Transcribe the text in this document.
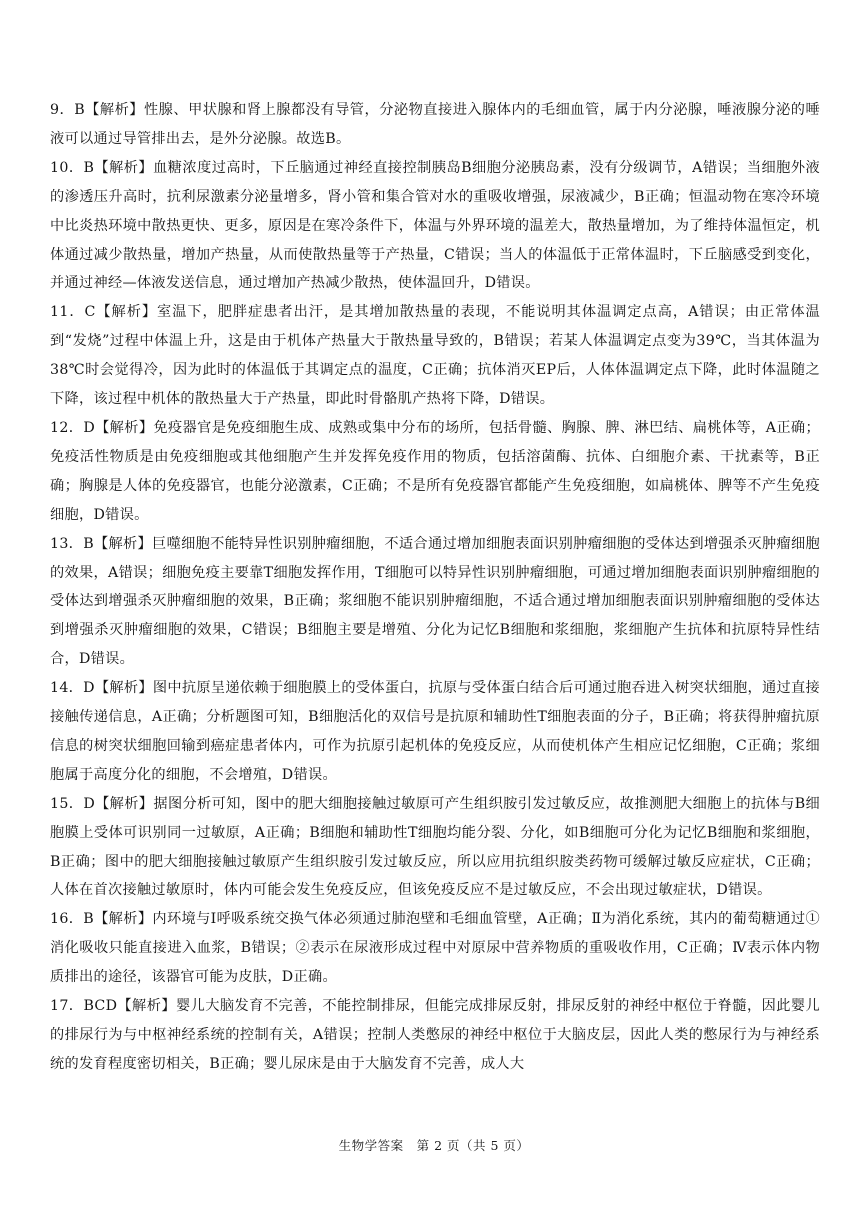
9．B【解析】性腺、甲状腺和肾上腺都没有导管，分泌物直接进入腺体内的毛细血管，属于内分泌腺，唾液腺分泌的唾液可以通过导管排出去，是外分泌腺。故选B。

10．B【解析】血糖浓度过高时，下丘脑通过神经直接控制胰岛B细胞分泌胰岛素，没有分级调节，A错误；当细胞外液的渗透压升高时，抗利尿激素分泌量增多，肾小管和集合管对水的重吸收增强，尿液减少，B正确；恒温动物在寒冷环境中比炎热环境中散热更快、更多，原因是在寒冷条件下，体温与外界环境的温差大，散热量增加，为了维持体温恒定，机体通过减少散热量，增加产热量，从而使散热量等于产热量，C错误；当人的体温低于正常体温时，下丘脑感受到变化，并通过神经—体液发送信息，通过增加产热减少散热，使体温回升，D错误。

11．C【解析】室温下，肥胖症患者出汗，是其增加散热量的表现，不能说明其体温调定点高，A错误；由正常体温到“发烧”过程中体温上升，这是由于机体产热量大于散热量导致的，B错误；若某人体温调定点变为39℃，当其体温为38℃时会觉得冷，因为此时的体温低于其调定点的温度，C正确；抗体消灭EP后，人体体温调定点下降，此时体温随之下降，该过程中机体的散热量大于产热量，即此时骨骼肌产热将下降，D错误。

12．D【解析】免疫器官是免疫细胞生成、成熟或集中分布的场所，包括骨髓、胸腺、脾、淋巴结、扁桃体等，A正确；免疫活性物质是由免疫细胞或其他细胞产生并发挥免疫作用的物质，包括溶菌酶、抗体、白细胞介素、干扰素等，B正确；胸腺是人体的免疫器官，也能分泌激素，C正确；不是所有免疫器官都能产生免疫细胞，如扁桃体、脾等不产生免疫细胞，D错误。

13．B【解析】巨噬细胞不能特异性识别肿瘤细胞，不适合通过增加细胞表面识别肿瘤细胞的受体达到增强杀灭肿瘤细胞的效果，A错误；细胞免疫主要靠T细胞发挥作用，T细胞可以特异性识别肿瘤细胞，可通过增加细胞表面识别肿瘤细胞的受体达到增强杀灭肿瘤细胞的效果，B正确；浆细胞不能识别肿瘤细胞，不适合通过增加细胞表面识别肿瘤细胞的受体达到增强杀灭肿瘤细胞的效果，C错误；B细胞主要是增殖、分化为记忆B细胞和浆细胞，浆细胞产生抗体和抗原特异性结合，D错误。

14．D【解析】图中抗原呈递依赖于细胞膜上的受体蛋白，抗原与受体蛋白结合后可通过胞吞进入树突状细胞，通过直接接触传递信息，A正确；分析题图可知，B细胞活化的双信号是抗原和辅助性T细胞表面的分子，B正确；将获得肿瘤抗原信息的树突状细胞回输到癌症患者体内，可作为抗原引起机体的免疫反应，从而使机体产生相应记忆细胞，C正确；浆细胞属于高度分化的细胞，不会增殖，D错误。

15．D【解析】据图分析可知，图中的肥大细胞接触过敏原可产生组织胺引发过敏反应，故推测肥大细胞上的抗体与B细胞膜上受体可识别同一过敏原，A正确；B细胞和辅助性T细胞均能分裂、分化，如B细胞可分化为记忆B细胞和浆细胞，B正确；图中的肥大细胞接触过敏原产生组织胺引发过敏反应，所以应用抗组织胺类药物可缓解过敏反应症状，C正确；人体在首次接触过敏原时，体内可能会发生免疫反应，但该免疫反应不是过敏反应，不会出现过敏症状，D错误。

16．B【解析】内环境与Ⅰ呼吸系统交换气体必须通过肺泡壁和毛细血管壁，A正确；Ⅱ为消化系统，其内的葡萄糖通过①消化吸收只能直接进入血浆，B错误；②表示在尿液形成过程中对原尿中营养物质的重吸收作用，C正确；Ⅳ表示体内物质排出的途径，该器官可能为皮肤，D正确。

17．BCD【解析】婴儿大脑发育不完善，不能控制排尿，但能完成排尿反射，排尿反射的神经中枢位于脊髓，因此婴儿的排尿行为与中枢神经系统的控制有关，A错误；控制人类憋尿的神经中枢位于大脑皮层，因此人类的憋尿行为与神经系统的发育程度密切相关，B正确；婴儿尿床是由于大脑发育不完善，成人大

生物学答案　第 2 页（共 5 页）
